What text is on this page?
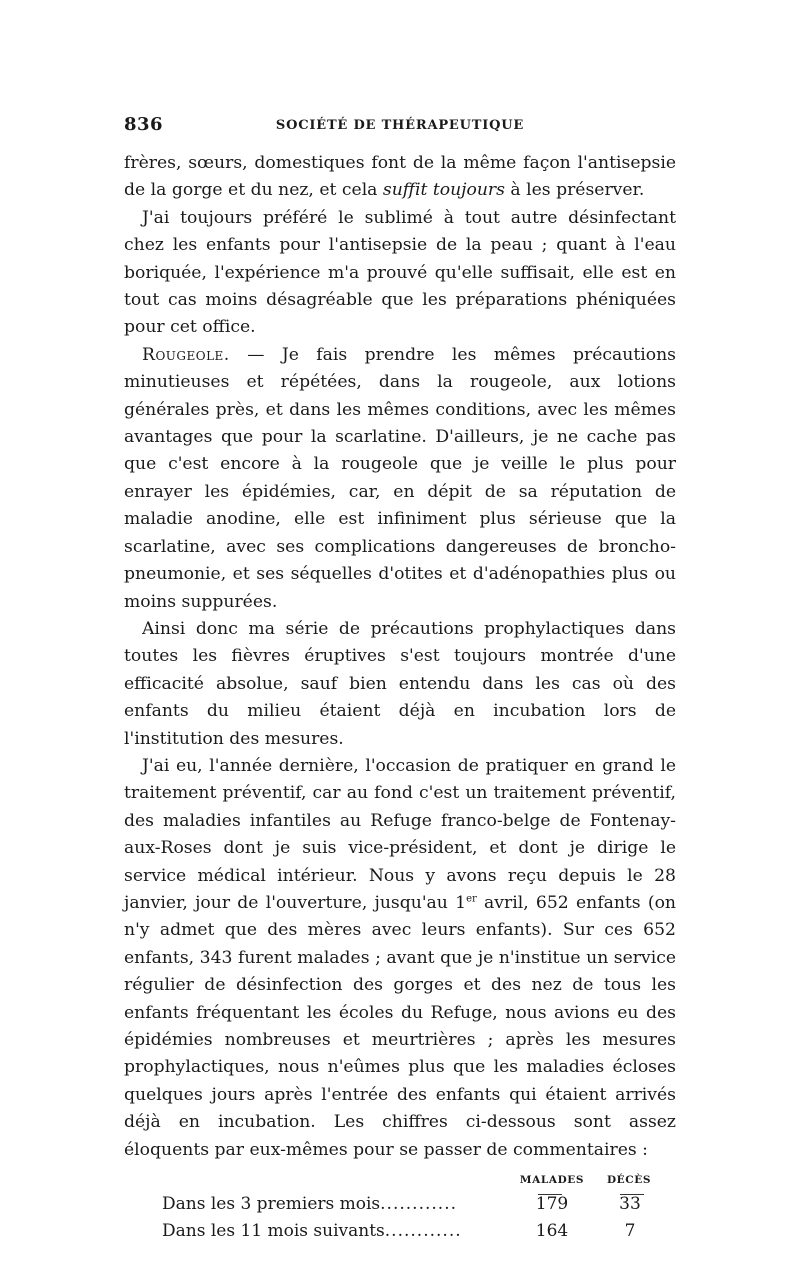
836	SOCIÉTÉ DE THÉRAPEUTIQUE

frères, sœurs, domestiques font de la même façon l'antisepsie de la gorge et du nez, et cela suffit toujours à les préserver.

J'ai toujours préféré le sublimé à tout autre désinfectant chez les enfants pour l'antisepsie de la peau ; quant à l'eau boriquée, l'expérience m'a prouvé qu'elle suffisait, elle est en tout cas moins désagréable que les préparations phéniquées pour cet office.

Rougeole. — Je fais prendre les mêmes précautions minutieuses et répétées, dans la rougeole, aux lotions générales près, et dans les mêmes conditions, avec les mêmes avantages que pour la scarlatine. D'ailleurs, je ne cache pas que c'est encore à la rougeole que je veille le plus pour enrayer les épidémies, car, en dépit de sa réputation de maladie anodine, elle est infiniment plus sérieuse que la scarlatine, avec ses complications dangereuses de broncho-pneumonie, et ses séquelles d'otites et d'adénopathies plus ou moins suppurées.

Ainsi donc ma série de précautions prophylactiques dans toutes les fièvres éruptives s'est toujours montrée d'une efficacité absolue, sauf bien entendu dans les cas où des enfants du milieu étaient déjà en incubation lors de l'institution des mesures.

J'ai eu, l'année dernière, l'occasion de pratiquer en grand le traitement préventif, car au fond c'est un traitement préventif, des maladies infantiles au Refuge franco-belge de Fontenay-aux-Roses dont je suis vice-président, et dont je dirige le service médical intérieur. Nous y avons reçu depuis le 28 janvier, jour de l'ouverture, jusqu'au 1er avril, 652 enfants (on n'y admet que des mères avec leurs enfants). Sur ces 652 enfants, 343 furent malades ; avant que je n'institue un service régulier de désinfection des gorges et des nez de tous les enfants fréquentant les écoles du Refuge, nous avions eu des épidémies nombreuses et meurtrières ; après les mesures prophylactiques, nous n'eûmes plus que les maladies écloses quelques jours après l'entrée des enfants qui étaient arrivés déjà en incubation. Les chiffres ci-dessous sont assez éloquents par eux-mêmes pour se passer de commentaires :

MALADES	DÉCÈS
Dans les 3 premiers mois............	179	33
Dans les 11 mois suivants............	164	7
